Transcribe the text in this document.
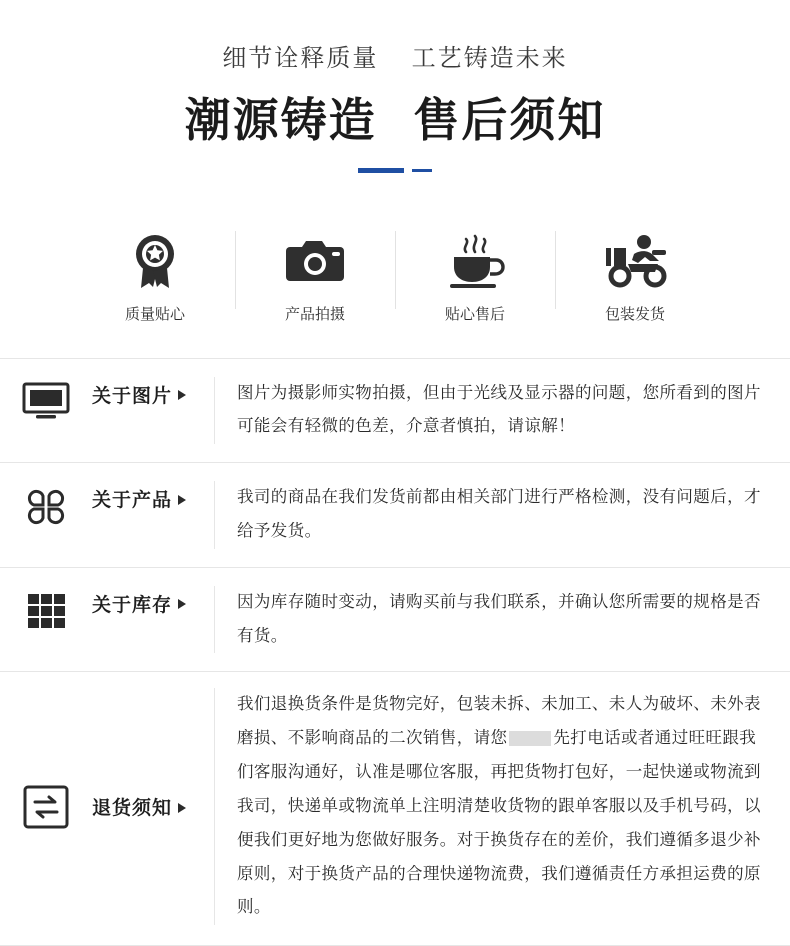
细节诠释质量 工艺铸造未来
潮源铸造 售后须知
质量贴心	产品拍摄	贴心售后	包装发货
关于图片	图片为摄影师实物拍摄，但由于光线及显示器的问题，您所看到的图片可能会有轻微的色差，介意者慎拍，请谅解！
关于产品	我司的商品在我们发货前都由相关部门进行严格检测，没有问题后，才给予发货。
关于库存	因为库存随时变动，请购买前与我们联系，并确认您所需要的规格是否有货。
退货须知
我们退换货条件是货物完好，包装未拆、未加工、未人为破坏、未外表磨损、不影响商品的二次销售，请您	先打电话或者通过旺旺跟我们客服沟通好，认准是哪位客服，再把货物打包好，一起快递或物流到我司，快递单或物流单上注明清楚收货物的跟单客服以及手机号码，以便我们更好地为您做好服务。对于换货存在的差价，我们遵循多退少补原则，对于换货产品的合理快递物流费，我们遵循责任方承担运费的原则。
